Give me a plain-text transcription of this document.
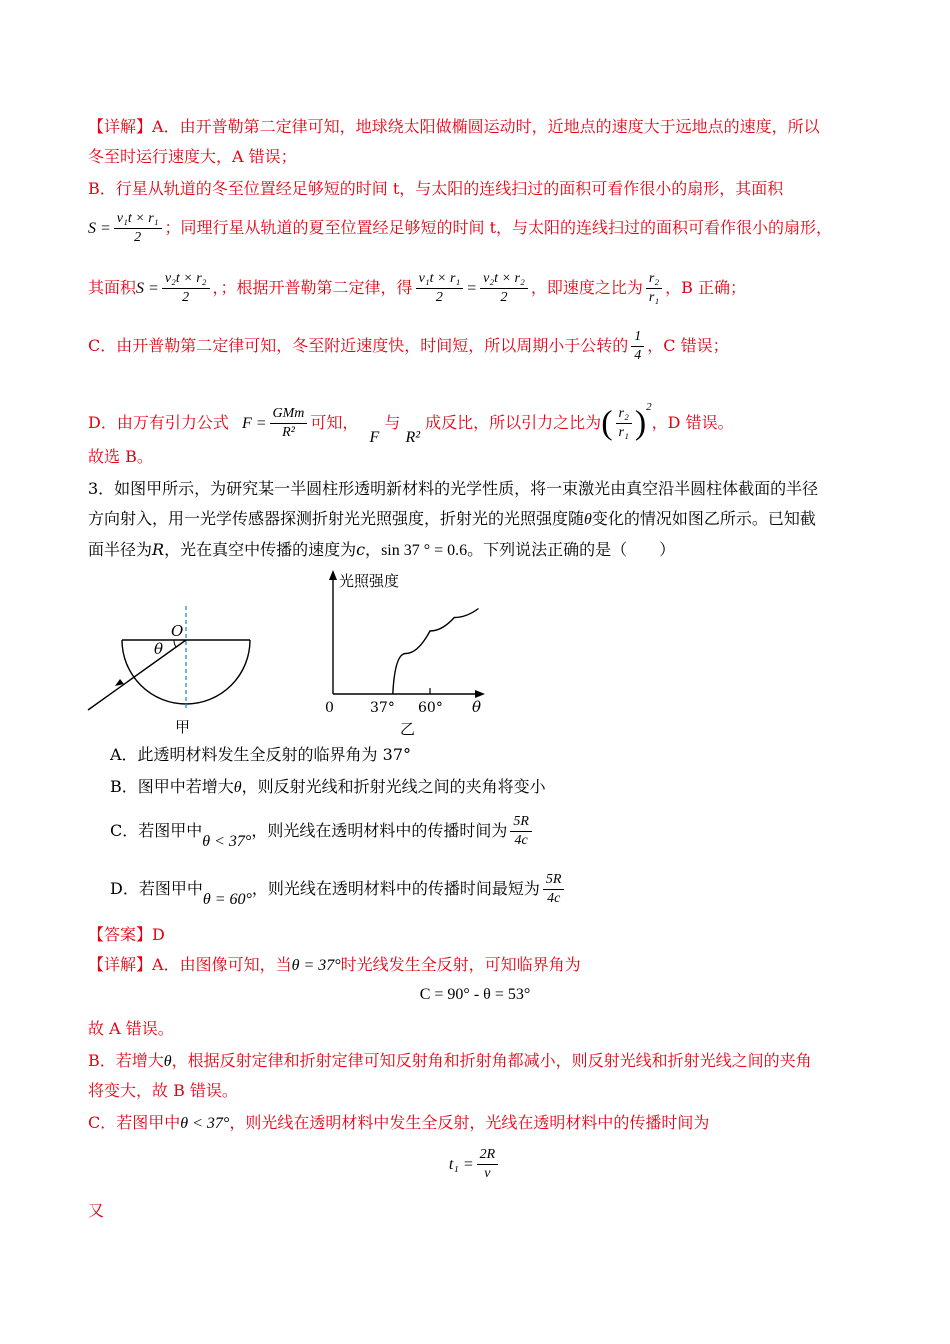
【详解】A．由开普勒第二定律可知，地球绕太阳做椭圆运动时，近地点的速度大于远地点的速度，所以
冬至时运行速度大，A 错误；
B．行星从轨道的冬至位置经足够短的时间 t，与太阳的连线扫过的面积可看作很小的扇形，其面积
$S = \frac{\text{v₁t × r₁}}{2}$ ；同理行星从轨道的夏至位置经足够短的时间 t，与太阳的连线扫过的面积可看作很小的扇形，
其面积$S = \frac{\text{v₂t × r₂}}{2}$ ，；根据开普勒第二定律，得 $\frac{\text{v₁t × r₁}}{2} = \frac{\text{v₂t × r₂}}{2}$ ，即速度之比为 $\frac{\text{r₂}}{\text{r₁}}$ ，B 正确；
C．由开普勒第二定律可知，冬至附近速度快，时间短，所以周期小于公转的 $\frac{1}{4}$ ，C 错误；
D．由万有引力公式 $F = \frac{\text{GMm}}{\text{R²}}$ 可知， F 与 R² 成反比，所以引力之比为( $\frac{\text{r₂}}{\text{r₁}} )^2$，D 错误。
故选 B。
3．如图甲所示，为研究某一半圆柱形透明新材料的光学性质，将一束激光由真空沿半圆柱体截面的半径
方向射入，用一光学传感器探测折射光光照强度，折射光的光照强度随θ变化的情况如图乙所示。已知截
面半径为R，光在真空中传播的速度为c，sin 37 ° = 0.6。下列说法正确的是（　　）
O
θ
甲
光照强度
0	37° 60° θ
乙
A．此透明材料发生全反射的临界角为 37°
B．图甲中若增大θ，则反射光线和折射光线之间的夹角将变小
C．若图甲中θ < 37°，则光线在透明材料中的传播时间为 $\frac{5R}{4c}$
D．若图甲中θ = 60°，则光线在透明材料中的传播时间最短为 $\frac{5R}{4c}$
【答案】D
【详解】A．由图像可知，当θ = 37°时光线发生全反射，可知临界角为
C = 90° - θ = 53°
故 A 错误。
B．若增大θ，根据反射定律和折射定律可知反射角和折射角都减小，则反射光线和折射光线之间的夹角
将变大，故 B 错误。
C．若图甲中θ < 37°，则光线在透明材料中发生全反射，光线在透明材料中的传播时间为
$t_1 = \frac{2R}{v}$
又
